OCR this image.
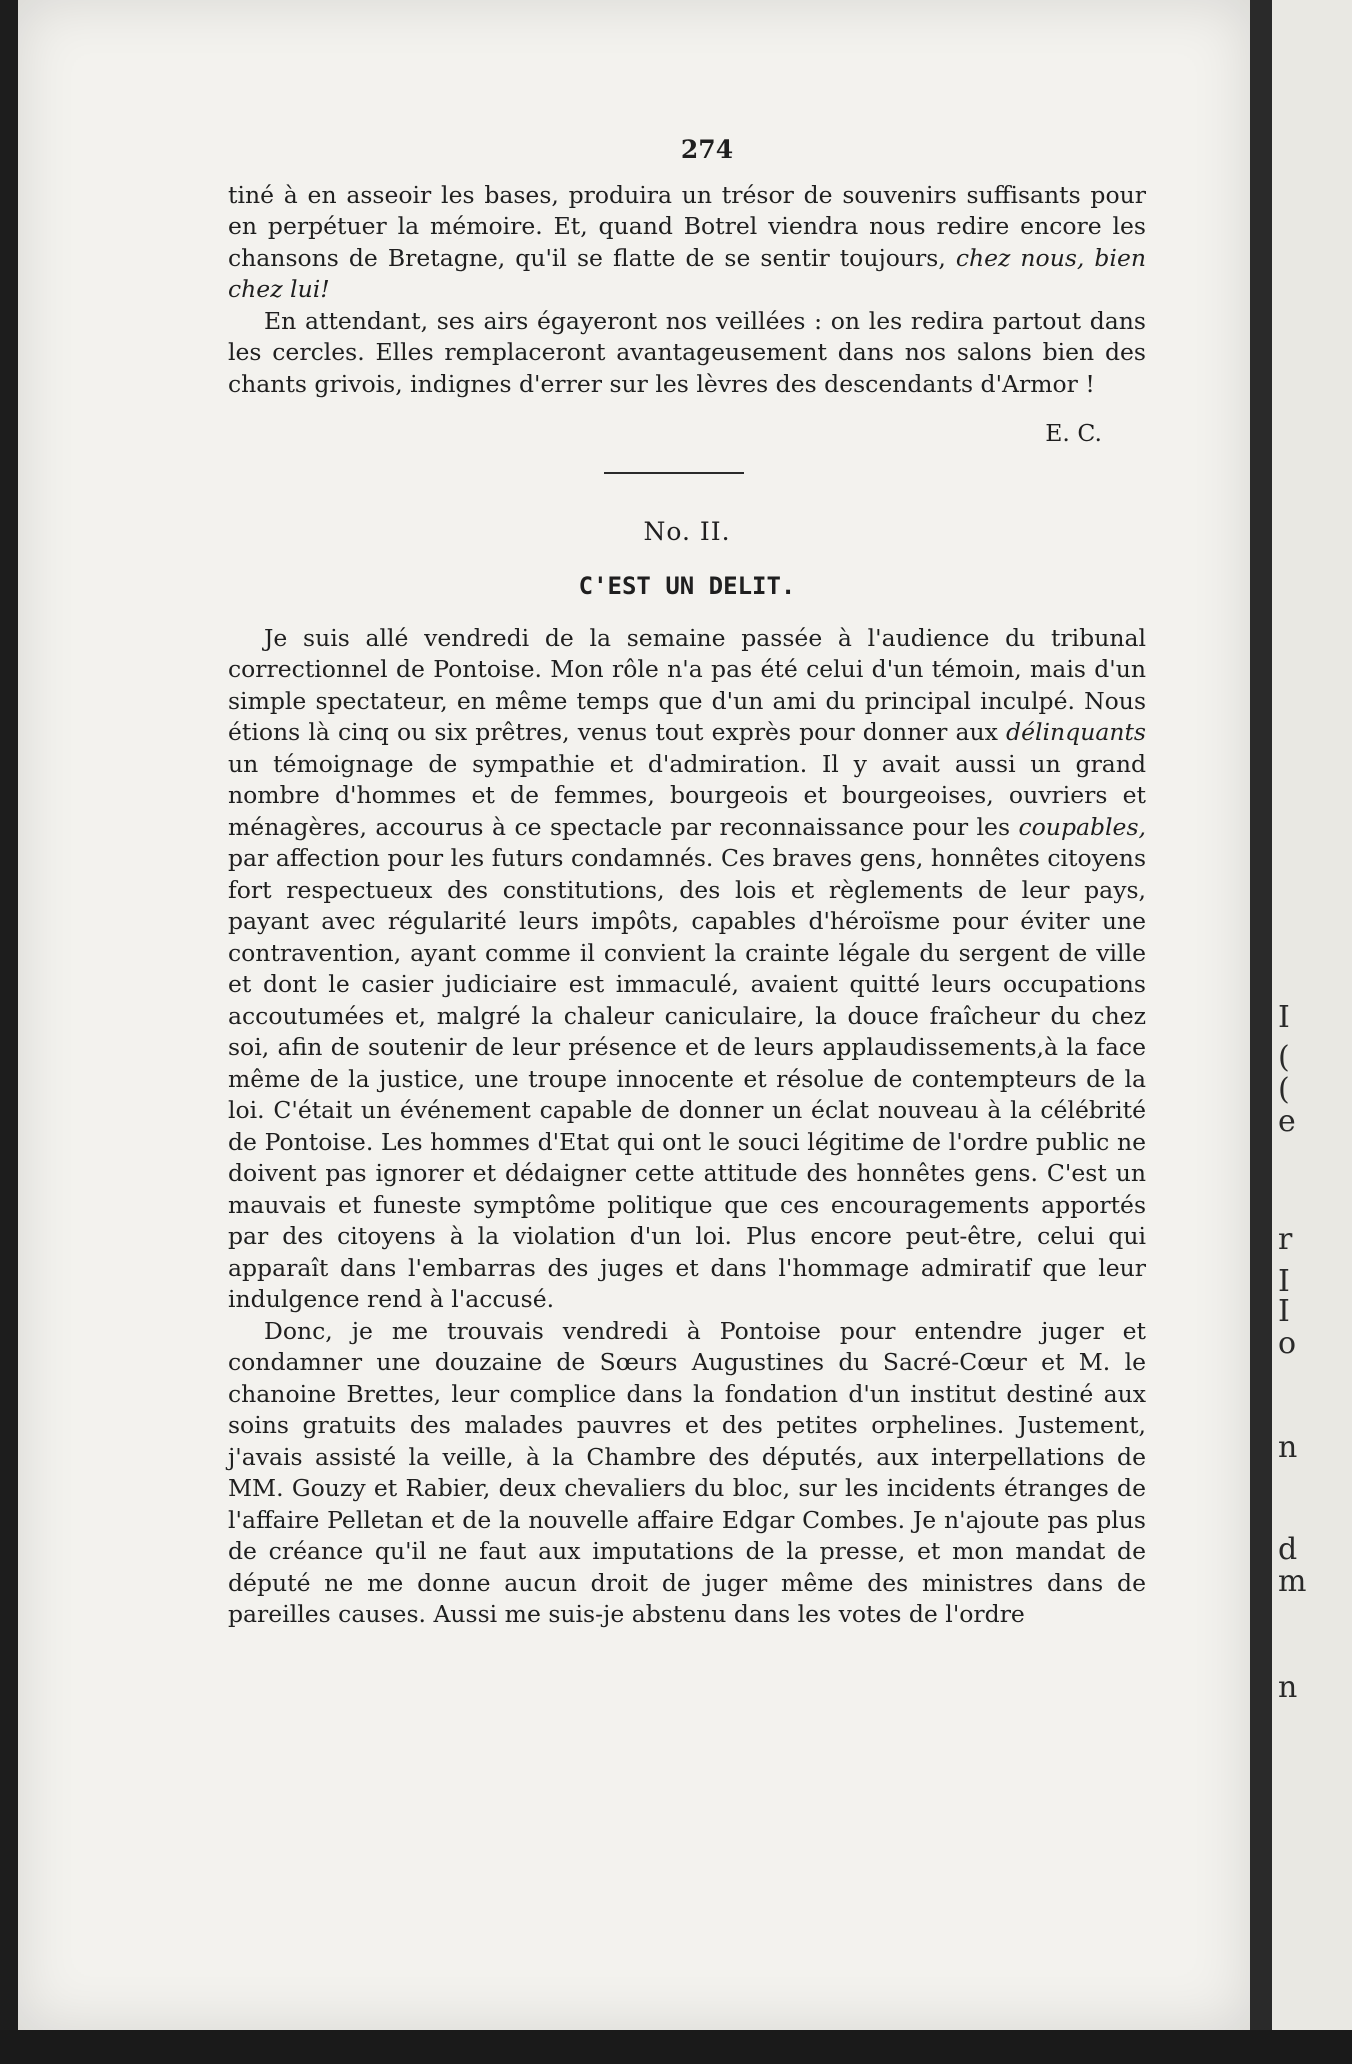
274

tiné à en asseoir les bases, produira un trésor de souvenirs suffisants pour en perpétuer la mémoire. Et, quand Botrel viendra nous redire encore les chansons de Bretagne, qu'il se flatte de se sentir toujours, chez nous, bien chez lui!

En attendant, ses airs égayeront nos veillées : on les redira partout dans les cercles. Elles remplaceront avantageusement dans nos salons bien des chants grivois, indignes d'errer sur les lèvres des descendants d'Armor !

E. C.
No. II.
C'EST UN DELIT.

Je suis allé vendredi de la semaine passée à l'audience du tribunal correctionnel de Pontoise. Mon rôle n'a pas été celui d'un témoin, mais d'un simple spectateur, en même temps que d'un ami du principal inculpé. Nous étions là cinq ou six prêtres, venus tout exprès pour donner aux délinquants un témoignage de sympathie et d'admiration. Il y avait aussi un grand nombre d'hommes et de femmes, bourgeois et bourgeoises, ouvriers et ménagères, accourus à ce spectacle par reconnaissance pour les coupables, par affection pour les futurs condamnés. Ces braves gens, honnêtes citoyens fort respectueux des constitutions, des lois et règlements de leur pays, payant avec régularité leurs impôts, capables d'héroïsme pour éviter une contravention, ayant comme il convient la crainte légale du sergent de ville et dont le casier judiciaire est immaculé, avaient quitté leurs occupations accoutumées et, malgré la chaleur caniculaire, la douce fraîcheur du chez soi, afin de soutenir de leur présence et de leurs applaudissements,à la face même de la justice, une troupe innocente et résolue de contempteurs de la loi. C'était un événement capable de donner un éclat nouveau à la célébrité de Pontoise. Les hommes d'Etat qui ont le souci légitime de l'ordre public ne doivent pas ignorer et dédaigner cette attitude des honnêtes gens. C'est un mauvais et funeste symptôme politique que ces encouragements apportés par des citoyens à la violation d'un loi. Plus encore peut-être, celui qui apparaît dans l'embarras des juges et dans l'hommage admiratif que leur indulgence rend à l'accusé.

Donc, je me trouvais vendredi à Pontoise pour entendre juger et condamner une douzaine de Sœurs Augustines du Sacré-Cœur et M. le chanoine Brettes, leur complice dans la fondation d'un institut destiné aux soins gratuits des malades pauvres et des petites orphelines. Justement, j'avais assisté la veille, à la Chambre des députés, aux interpellations de MM. Gouzy et Rabier, deux chevaliers du bloc, sur les incidents étranges de l'affaire Pelletan et de la nouvelle affaire Edgar Combes. Je n'ajoute pas plus de créance qu'il ne faut aux imputations de la presse, et mon mandat de député ne me donne aucun droit de juger même des ministres dans de pareilles causes. Aussi me suis-je abstenu dans les votes de l'ordre

I
(
(
e
r
I
I
o
n
d
m
n
